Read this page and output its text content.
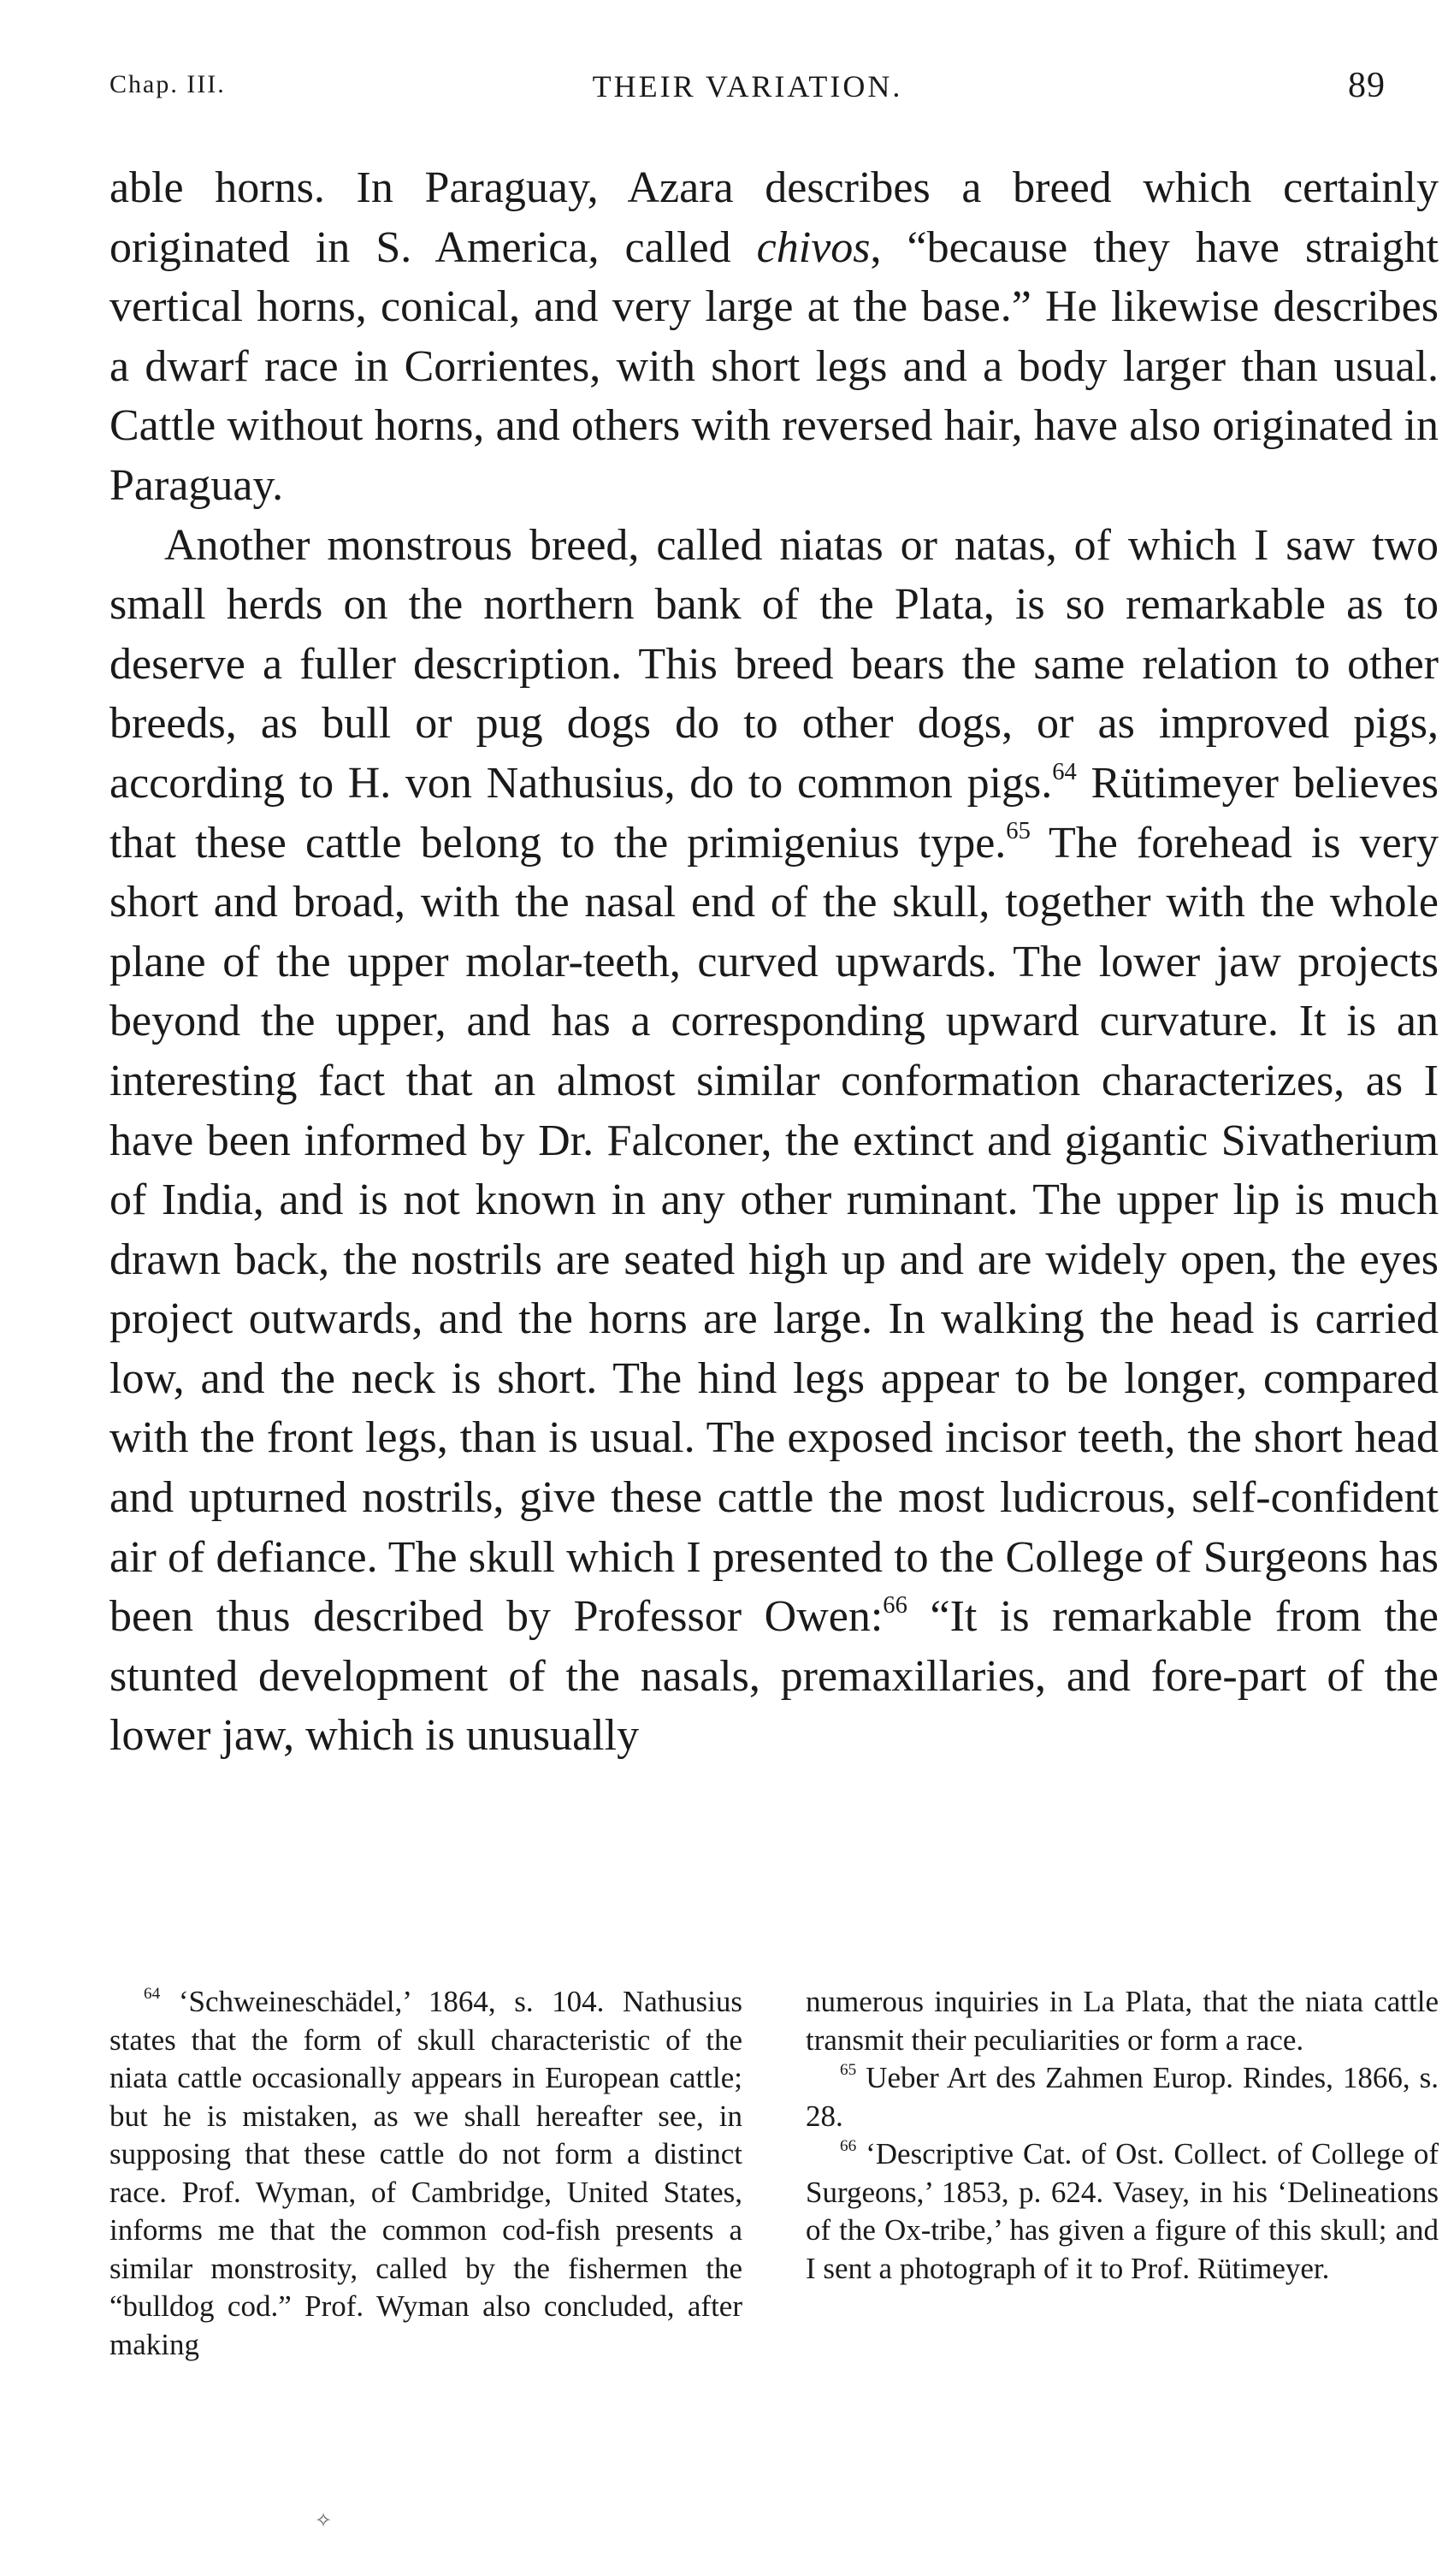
Chap. III.	THEIR VARIATION.	89

able horns. In Paraguay, Azara describes a breed which certainly originated in S. America, called chivos, “because they have straight vertical horns, conical, and very large at the base.” He likewise describes a dwarf race in Corrientes, with short legs and a body larger than usual. Cattle without horns, and others with reversed hair, have also originated in Paraguay.

Another monstrous breed, called niatas or natas, of which I saw two small herds on the northern bank of the Plata, is so remarkable as to deserve a fuller description. This breed bears the same relation to other breeds, as bull or pug dogs do to other dogs, or as improved pigs, according to H. von Nathusius, do to common pigs.$^{64}$ Rütimeyer believes that these cattle belong to the primigenius type.$^{65}$ The forehead is very short and broad, with the nasal end of the skull, together with the whole plane of the upper molar-teeth, curved upwards. The lower jaw projects beyond the upper, and has a corresponding upward curvature. It is an interesting fact that an almost similar conformation characterizes, as I have been informed by Dr. Falconer, the extinct and gigantic Sivatherium of India, and is not known in any other ruminant. The upper lip is much drawn back, the nostrils are seated high up and are widely open, the eyes project outwards, and the horns are large. In walking the head is carried low, and the neck is short. The hind legs appear to be longer, compared with the front legs, than is usual. The exposed incisor teeth, the short head and upturned nostrils, give these cattle the most ludicrous, self-confident air of defiance. The skull which I presented to the College of Surgeons has been thus described by Professor Owen:$^{66}$ “It is remarkable from the stunted development of the nasals, premaxillaries, and fore-part of the lower jaw, which is unusually

$^{64}$ ‘Schweineschädel,’ 1864, s. 104. Nathusius states that the form of skull characteristic of the niata cattle occasionally appears in European cattle; but he is mistaken, as we shall hereafter see, in supposing that these cattle do not form a distinct race. Prof. Wyman, of Cambridge, United States, informs me that the common cod-fish presents a similar monstrosity, called by the fishermen the “bulldog cod.” Prof. Wyman also concluded, after making

numerous inquiries in La Plata, that the niata cattle transmit their peculiarities or form a race.

$^{65}$ Ueber Art des Zahmen Europ. Rindes, 1866, s. 28.

$^{66}$ ‘Descriptive Cat. of Ost. Collect. of College of Surgeons,’ 1853, p. 624. Vasey, in his ‘Delineations of the Ox-tribe,’ has given a figure of this skull; and I sent a photograph of it to Prof. Rütimeyer.

✧
